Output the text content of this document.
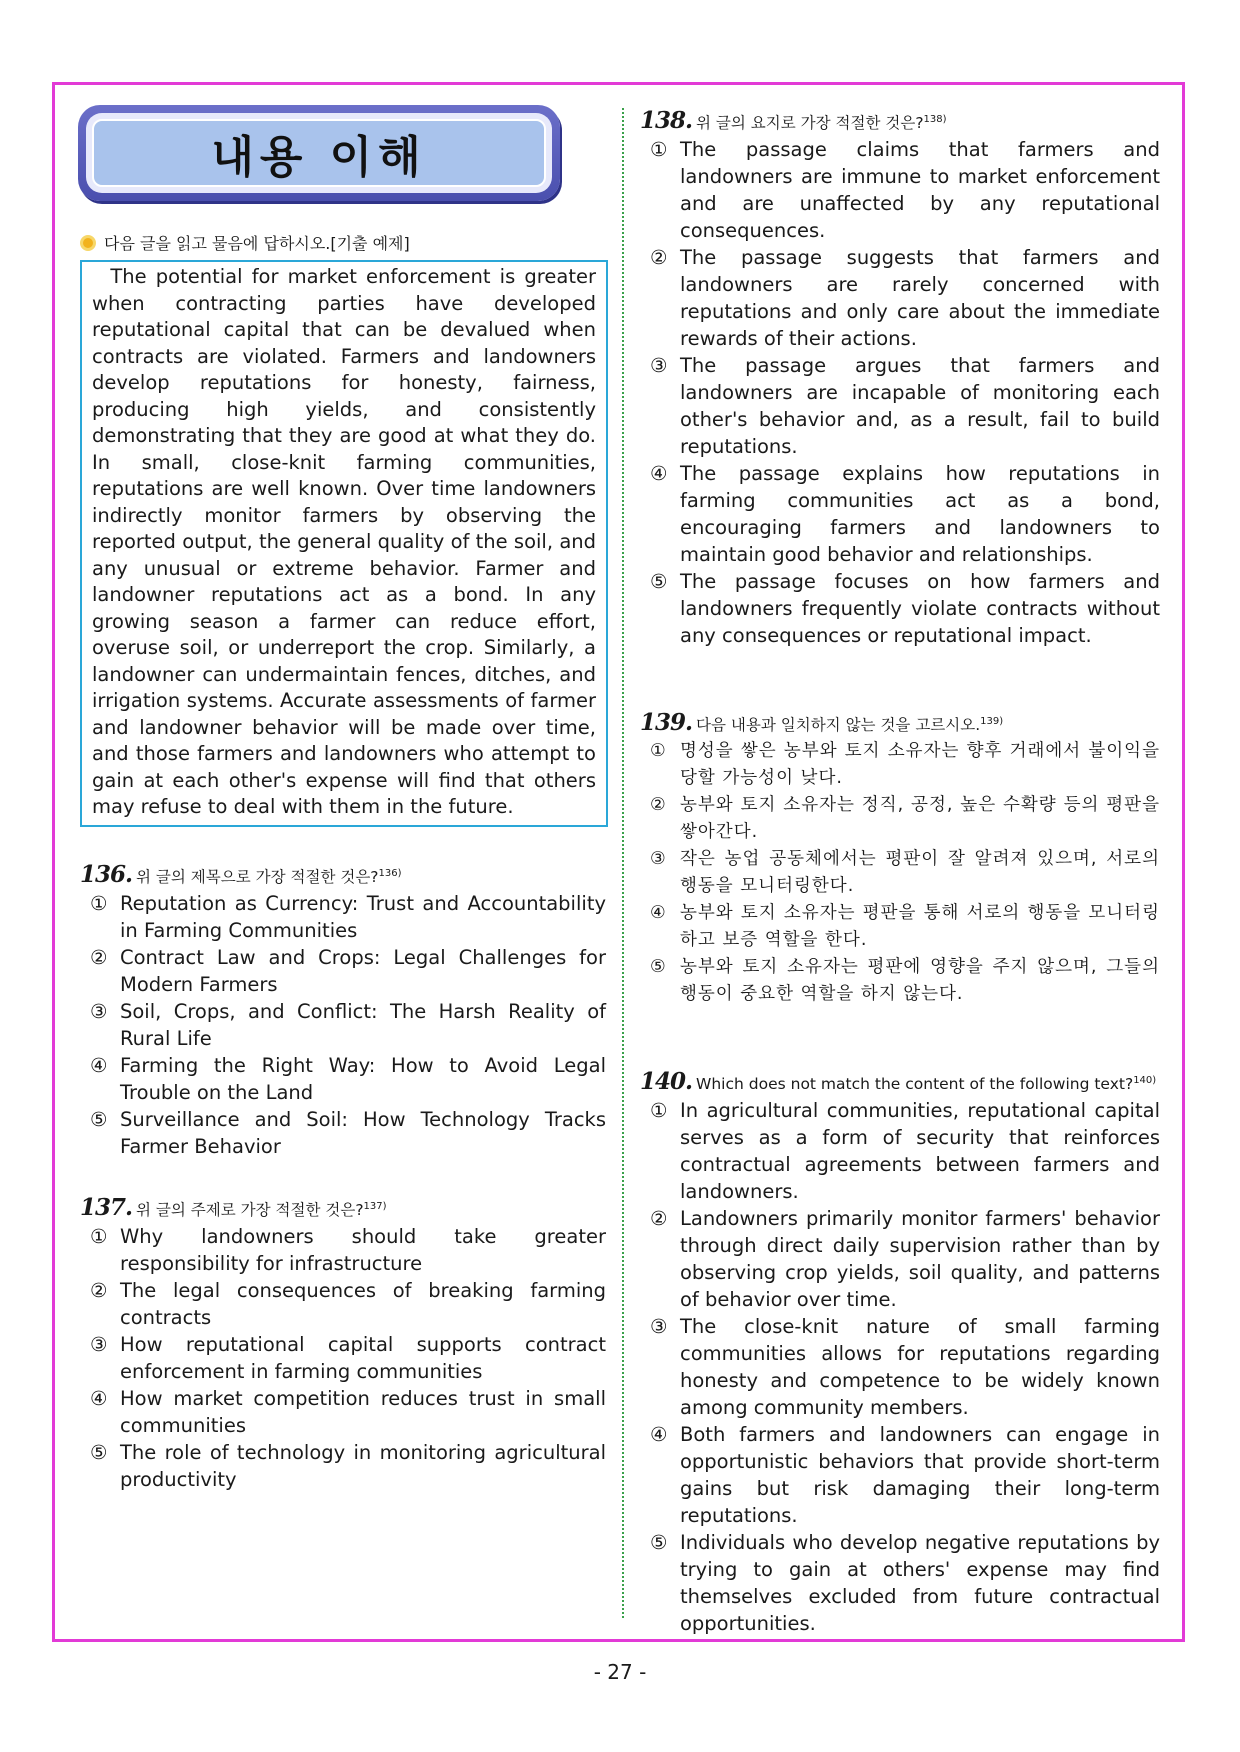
내용 이해
다음 글을 읽고 물음에 답하시오.[기출 예제]
The potential for market enforcement is greater when contracting parties have developed reputational capital that can be devalued when contracts are violated. Farmers and landowners develop reputations for honesty, fairness, producing high yields, and consistently demonstrating that they are good at what they do. In small, close-knit farming communities, reputations are well known. Over time landowners indirectly monitor farmers by observing the reported output, the general quality of the soil, and any unusual or extreme behavior. Farmer and landowner reputations act as a bond. In any growing season a farmer can reduce effort, overuse soil, or underreport the crop. Similarly, a landowner can undermaintain fences, ditches, and irrigation systems. Accurate assessments of farmer and landowner behavior will be made over time, and those farmers and landowners who attempt to gain at each other's expense will find that others may refuse to deal with them in the future.
136. 위 글의 제목으로 가장 적절한 것은?$^{136)}$
① Reputation as Currency: Trust and Accountability in Farming Communities
② Contract Law and Crops: Legal Challenges for Modern Farmers
③ Soil, Crops, and Conflict: The Harsh Reality of Rural Life
④ Farming the Right Way: How to Avoid Legal Trouble on the Land
⑤ Surveillance and Soil: How Technology Tracks Farmer Behavior
137. 위 글의 주제로 가장 적절한 것은?$^{137)}$
① Why landowners should take greater responsibility for infrastructure
② The legal consequences of breaking farming contracts
③ How reputational capital supports contract enforcement in farming communities
④ How market competition reduces trust in small communities
⑤ The role of technology in monitoring agricultural productivity
138. 위 글의 요지로 가장 적절한 것은?$^{138)}$
① The passage claims that farmers and landowners are immune to market enforcement and are unaffected by any reputational consequences.
② The passage suggests that farmers and landowners are rarely concerned with reputations and only care about the immediate rewards of their actions.
③ The passage argues that farmers and landowners are incapable of monitoring each other's behavior and, as a result, fail to build reputations.
④ The passage explains how reputations in farming communities act as a bond, encouraging farmers and landowners to maintain good behavior and relationships.
⑤ The passage focuses on how farmers and landowners frequently violate contracts without any consequences or reputational impact.
139. 다음 내용과 일치하지 않는 것을 고르시오.$^{139)}$
① 명성을 쌓은 농부와 토지 소유자는 향후 거래에서 불이익을 당할 가능성이 낮다.
② 농부와 토지 소유자는 정직, 공정, 높은 수확량 등의 평판을 쌓아간다.
③ 작은 농업 공동체에서는 평판이 잘 알려져 있으며, 서로의 행동을 모니터링한다.
④ 농부와 토지 소유자는 평판을 통해 서로의 행동을 모니터링하고 보증 역할을 한다.
⑤ 농부와 토지 소유자는 평판에 영향을 주지 않으며, 그들의 행동이 중요한 역할을 하지 않는다.
140. Which does not match the content of the following text?$^{140)}$
① In agricultural communities, reputational capital serves as a form of security that reinforces contractual agreements between farmers and landowners.
② Landowners primarily monitor farmers' behavior through direct daily supervision rather than by observing crop yields, soil quality, and patterns of behavior over time.
③ The close-knit nature of small farming communities allows for reputations regarding honesty and competence to be widely known among community members.
④ Both farmers and landowners can engage in opportunistic behaviors that provide short-term gains but risk damaging their long-term reputations.
⑤ Individuals who develop negative reputations by trying to gain at others' expense may find themselves excluded from future contractual opportunities.
- 27 -
